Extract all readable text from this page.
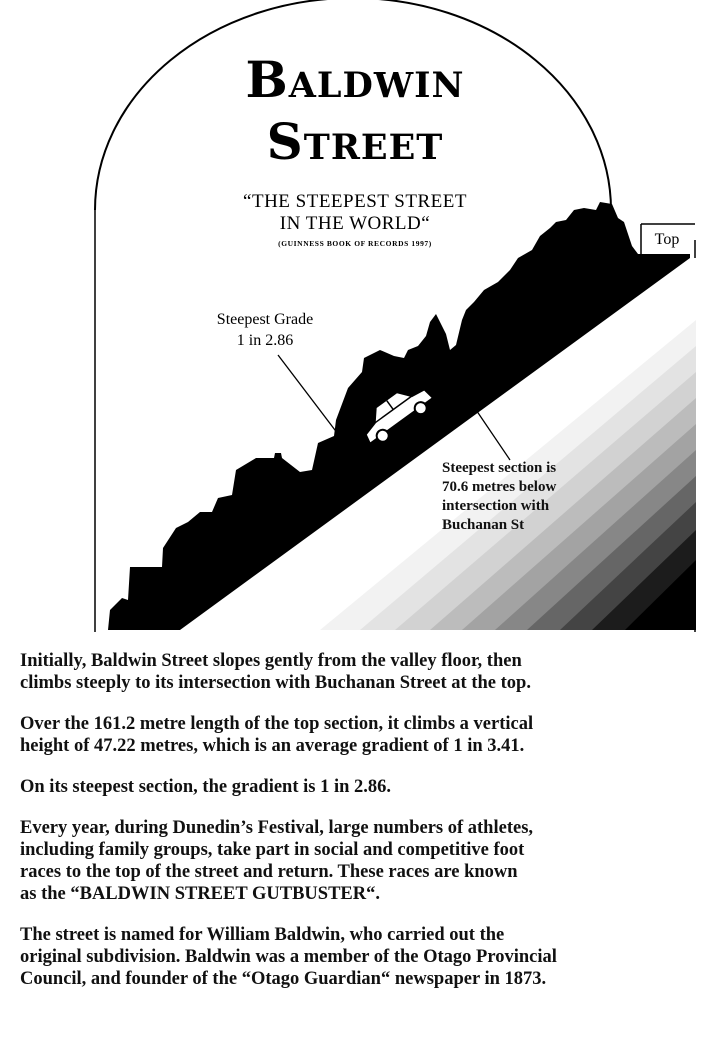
Baldwin
Street
“THE STEEPEST STREET
IN THE WORLD“
(GUINNESS BOOK OF RECORDS 1997)	Top
Steepest Grade
1 in 2.86
Steepest section is
70.6 metres below
intersection with
Buchanan St

Initially, Baldwin Street slopes gently from the valley floor, then
climbs steeply to its intersection with Buchanan Street at the top.

Over the 161.2 metre length of the top section, it climbs a vertical
height of 47.22 metres, which is an average gradient of 1 in 3.41.

On its steepest section, the gradient is 1 in 2.86.

Every year, during Dunedin’s Festival, large numbers of athletes,
including family groups, take part in social and competitive foot
races to the top of the street and return. These races are known
as the “BALDWIN STREET GUTBUSTER“.

The street is named for William Baldwin, who carried out the
original subdivision. Baldwin was a member of the Otago Provincial
Council, and founder of the “Otago Guardian“ newspaper in 1873.
